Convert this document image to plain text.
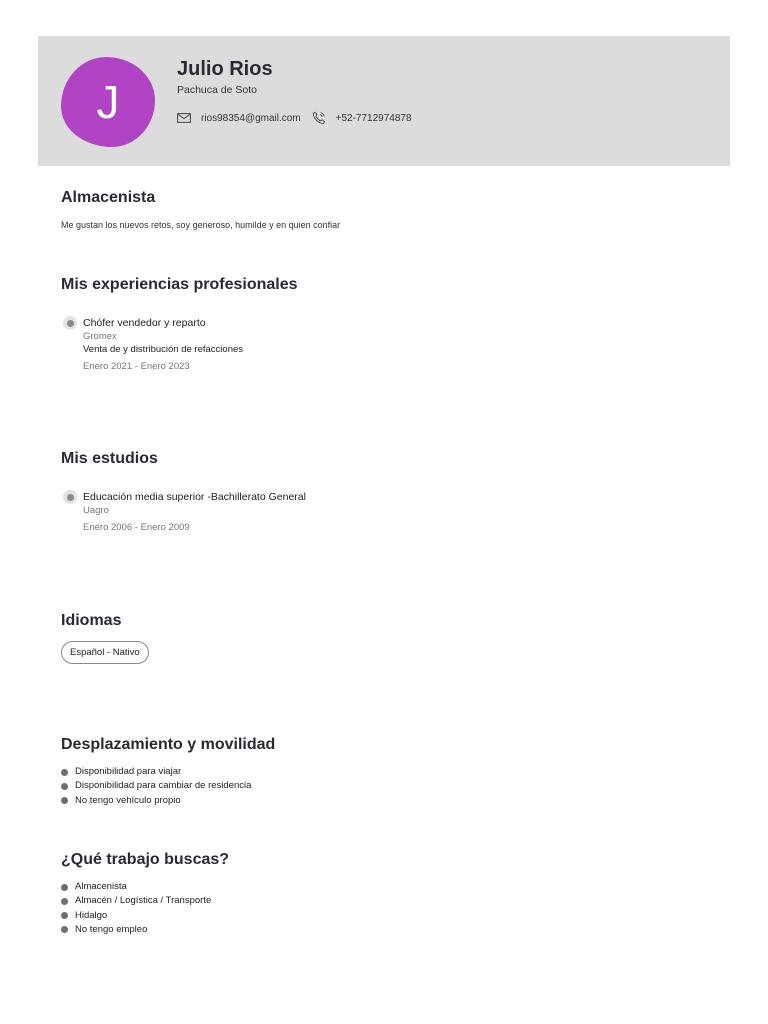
J
Julio Rios
Pachuca de Soto
rios98354@gmail.com	+52-7712974878
Almacenista
Me gustan los nuevos retos, soy generoso, humilde y en quien confiar
Mis experiencias profesionales
Chófer vendedor y reparto
Gromex
Venta de y distribución de refacciones
Enero 2021 - Enero 2023
Mis estudios
Educación media superior -Bachillerato General
Uagro
Enero 2006 - Enero 2009
Idiomas
Español - Nativo
Desplazamiento y movilidad
Disponibilidad para viajar
Disponibilidad para cambiar de residencia
No tengo vehículo propio
¿Qué trabajo buscas?
Almacenista
Almacén / Logística / Transporte
Hidalgo
No tengo empleo
